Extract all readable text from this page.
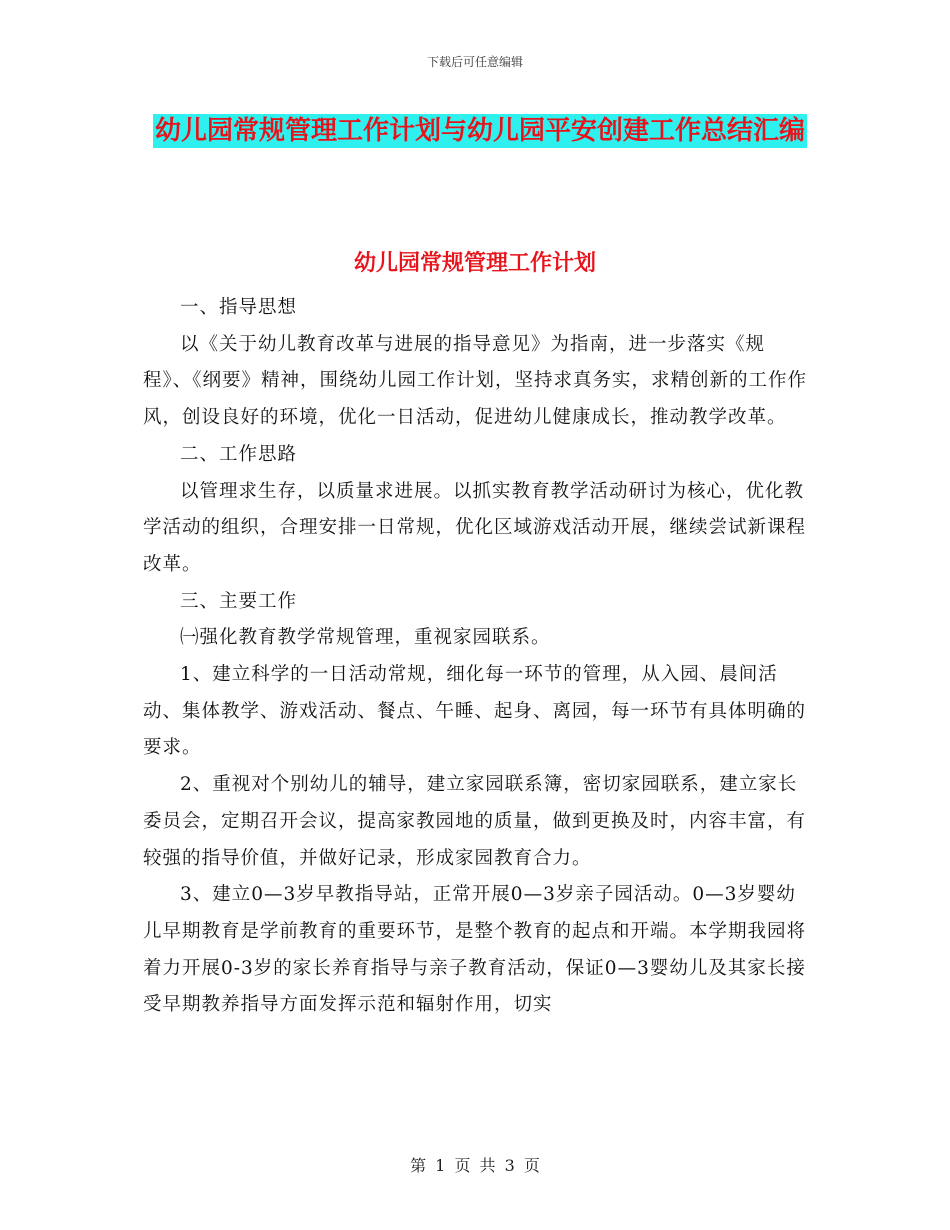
下载后可任意编辑
幼儿园常规管理工作计划与幼儿园平安创建工作总结汇编
幼儿园常规管理工作计划

一、指导思想

以《关于幼儿教育改革与进展的指导意见》为指南，进一步落实《规程》、《纲要》精神，围绕幼儿园工作计划，坚持求真务实，求精创新的工作作风，创设良好的环境，优化一日活动，促进幼儿健康成长，推动教学改革。

二、工作思路

以管理求生存，以质量求进展。以抓实教育教学活动研讨为核心，优化教学活动的组织，合理安排一日常规，优化区域游戏活动开展，继续尝试新课程改革。

三、主要工作

㈠强化教育教学常规管理，重视家园联系。

1、建立科学的一日活动常规，细化每一环节的管理，从入园、晨间活动、集体教学、游戏活动、餐点、午睡、起身、离园，每一环节有具体明确的要求。

2、重视对个别幼儿的辅导，建立家园联系簿，密切家园联系，建立家长委员会，定期召开会议，提高家教园地的质量，做到更换及时，内容丰富，有较强的指导价值，并做好记录，形成家园教育合力。

3、建立0—3岁早教指导站，正常开展0—3岁亲子园活动。0—3岁婴幼儿早期教育是学前教育的重要环节，是整个教育的起点和开端。本学期我园将着力开展0-3岁的家长养育指导与亲子教育活动，保证0—3婴幼儿及其家长接受早期教养指导方面发挥示范和辐射作用，切实

第 1 页 共 3 页
